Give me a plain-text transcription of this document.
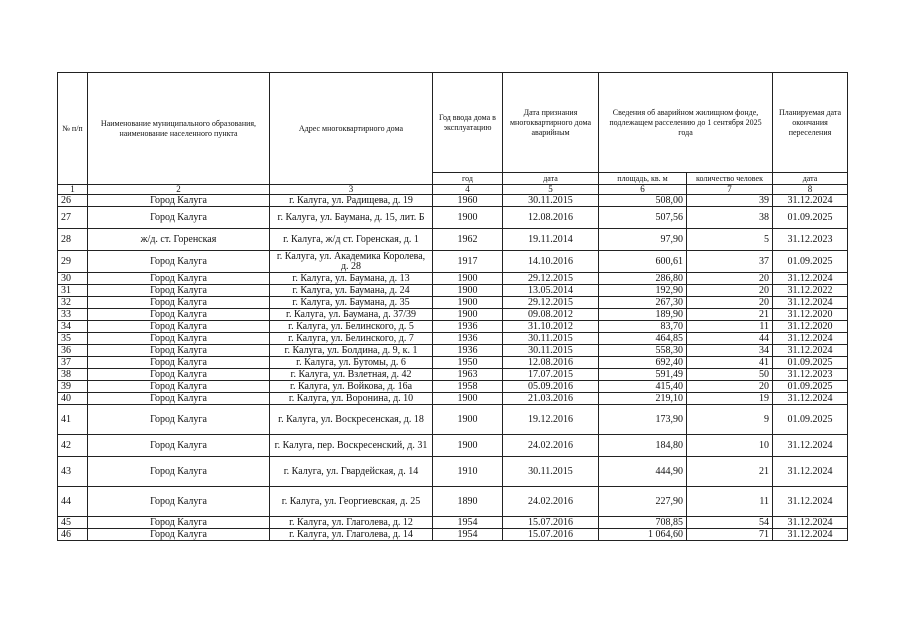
№ п/п	Наименование муниципального образования, наименование населенного пункта	Адрес многоквартирного дома	Год ввода дома в эксплуатацию	Дата признания многоквартирного дома аварийным	Сведения об аварийном жилищном фонде, подлежащем расселению до 1 сентября 2025 года		Планируемая дата окончания переселения
			год	дата	площадь, кв. м	количество человек	дата
1	2	3	4	5	6	7	8
26	Город Калуга	г. Калуга, ул. Радищева, д. 19	1960	30.11.2015	508,00	39	31.12.2024
27	Город Калуга	г. Калуга, ул. Баумана, д. 15, лит. Б	1900	12.08.2016	507,56	38	01.09.2025
28	ж/д. ст. Горенская	г. Калуга, ж/д ст. Горенская, д. 1	1962	19.11.2014	97,90	5	31.12.2023
29	Город Калуга	г. Калуга, ул. Академика Королева, д. 28	1917	14.10.2016	600,61	37	01.09.2025
30	Город Калуга	г. Калуга, ул. Баумана, д. 13	1900	29.12.2015	286,80	20	31.12.2024
31	Город Калуга	г. Калуга, ул. Баумана, д. 24	1900	13.05.2014	192,90	20	31.12.2022
32	Город Калуга	г. Калуга, ул. Баумана, д. 35	1900	29.12.2015	267,30	20	31.12.2024
33	Город Калуга	г. Калуга, ул. Баумана, д. 37/39	1900	09.08.2012	189,90	21	31.12.2020
34	Город Калуга	г. Калуга, ул. Белинского, д. 5	1936	31.10.2012	83,70	11	31.12.2020
35	Город Калуга	г. Калуга, ул. Белинского, д. 7	1936	30.11.2015	464,85	44	31.12.2024
36	Город Калуга	г. Калуга, ул. Болдина, д. 9, к. 1	1936	30.11.2015	558,30	34	31.12.2024
37	Город Калуга	г. Калуга, ул. Бутомы, д. 6	1950	12.08.2016	692,40	41	01.09.2025
38	Город Калуга	г. Калуга, ул. Взлетная, д. 42	1963	17.07.2015	591,49	50	31.12.2023
39	Город Калуга	г. Калуга, ул. Войкова, д. 16а	1958	05.09.2016	415,40	20	01.09.2025
40	Город Калуга	г. Калуга, ул. Воронина, д. 10	1900	21.03.2016	219,10	19	31.12.2024
41	Город Калуга	г. Калуга, ул. Воскресенская, д. 18	1900	19.12.2016	173,90	9	01.09.2025
42	Город Калуга	г. Калуга, пер. Воскресенский, д. 31	1900	24.02.2016	184,80	10	31.12.2024
43	Город Калуга	г. Калуга, ул. Гвардейская, д. 14	1910	30.11.2015	444,90	21	31.12.2024
44	Город Калуга	г. Калуга, ул. Георгиевская, д. 25	1890	24.02.2016	227,90	11	31.12.2024
45	Город Калуга	г. Калуга, ул. Глаголева, д. 12	1954	15.07.2016	708,85	54	31.12.2024
46	Город Калуга	г. Калуга, ул. Глаголева, д. 14	1954	15.07.2016	1 064,60	71	31.12.2024
